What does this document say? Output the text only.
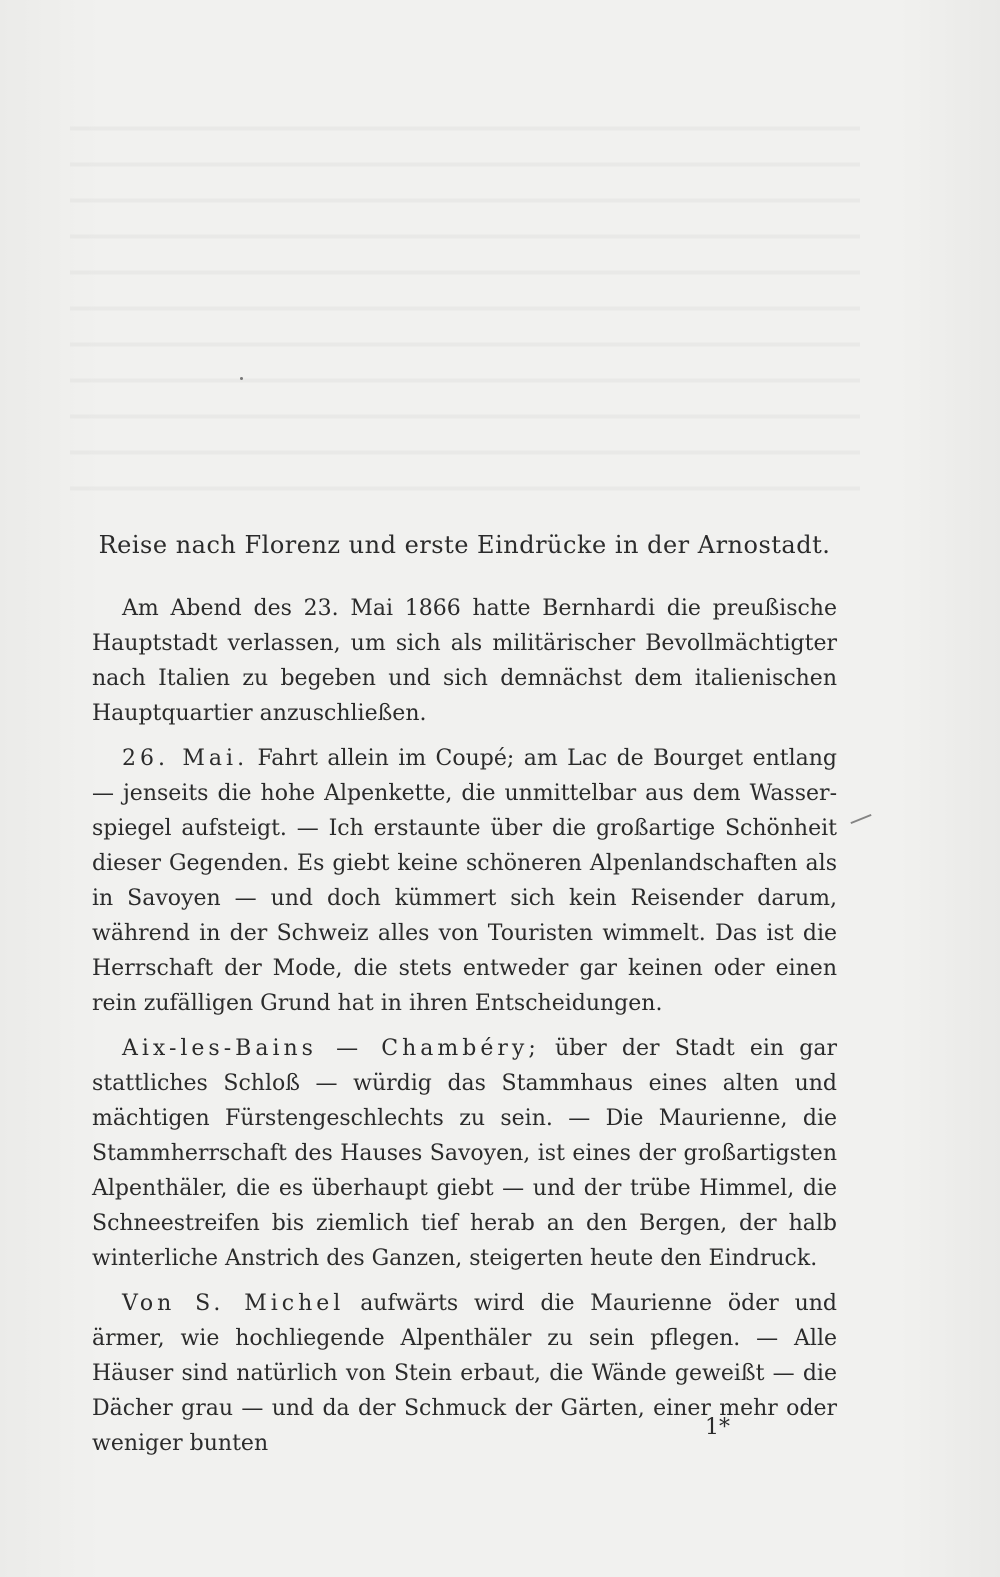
Reise nach Florenz und erste Eindrücke in der Arnostadt.

Am Abend des 23. Mai 1866 hatte Bernhardi die preußische Hauptstadt verlassen, um sich als militärischer Bevollmächtigter nach Italien zu begeben und sich demnächst dem italienischen Hauptquartier anzuschließen.

26. Mai. Fahrt allein im Coupé; am Lac de Bourget entlang — jenseits die hohe Alpenkette, die unmittelbar aus dem Wasserspiegel aufsteigt. — Ich erstaunte über die großartige Schönheit dieser Gegenden. Es giebt keine schöneren Alpenlandschaften als in Savoyen — und doch kümmert sich kein Reisender darum, während in der Schweiz alles von Touristen wimmelt. Das ist die Herrschaft der Mode, die stets entweder gar keinen oder einen rein zufälligen Grund hat in ihren Entscheidungen.

Aix-les-Bains — Chambéry; über der Stadt ein gar stattliches Schloß — würdig das Stammhaus eines alten und mächtigen Fürstengeschlechts zu sein. — Die Maurienne, die Stammherrschaft des Hauses Savoyen, ist eines der großartigsten Alpenthäler, die es überhaupt giebt — und der trübe Himmel, die Schneestreifen bis ziemlich tief herab an den Bergen, der halb winterliche Anstrich des Ganzen, steigerten heute den Eindruck.

Von S. Michel aufwärts wird die Maurienne öder und ärmer, wie hochliegende Alpenthäler zu sein pflegen. — Alle Häuser sind natürlich von Stein erbaut, die Wände geweißt — die Dächer grau — und da der Schmuck der Gärten, einer mehr oder weniger bunten

1*
